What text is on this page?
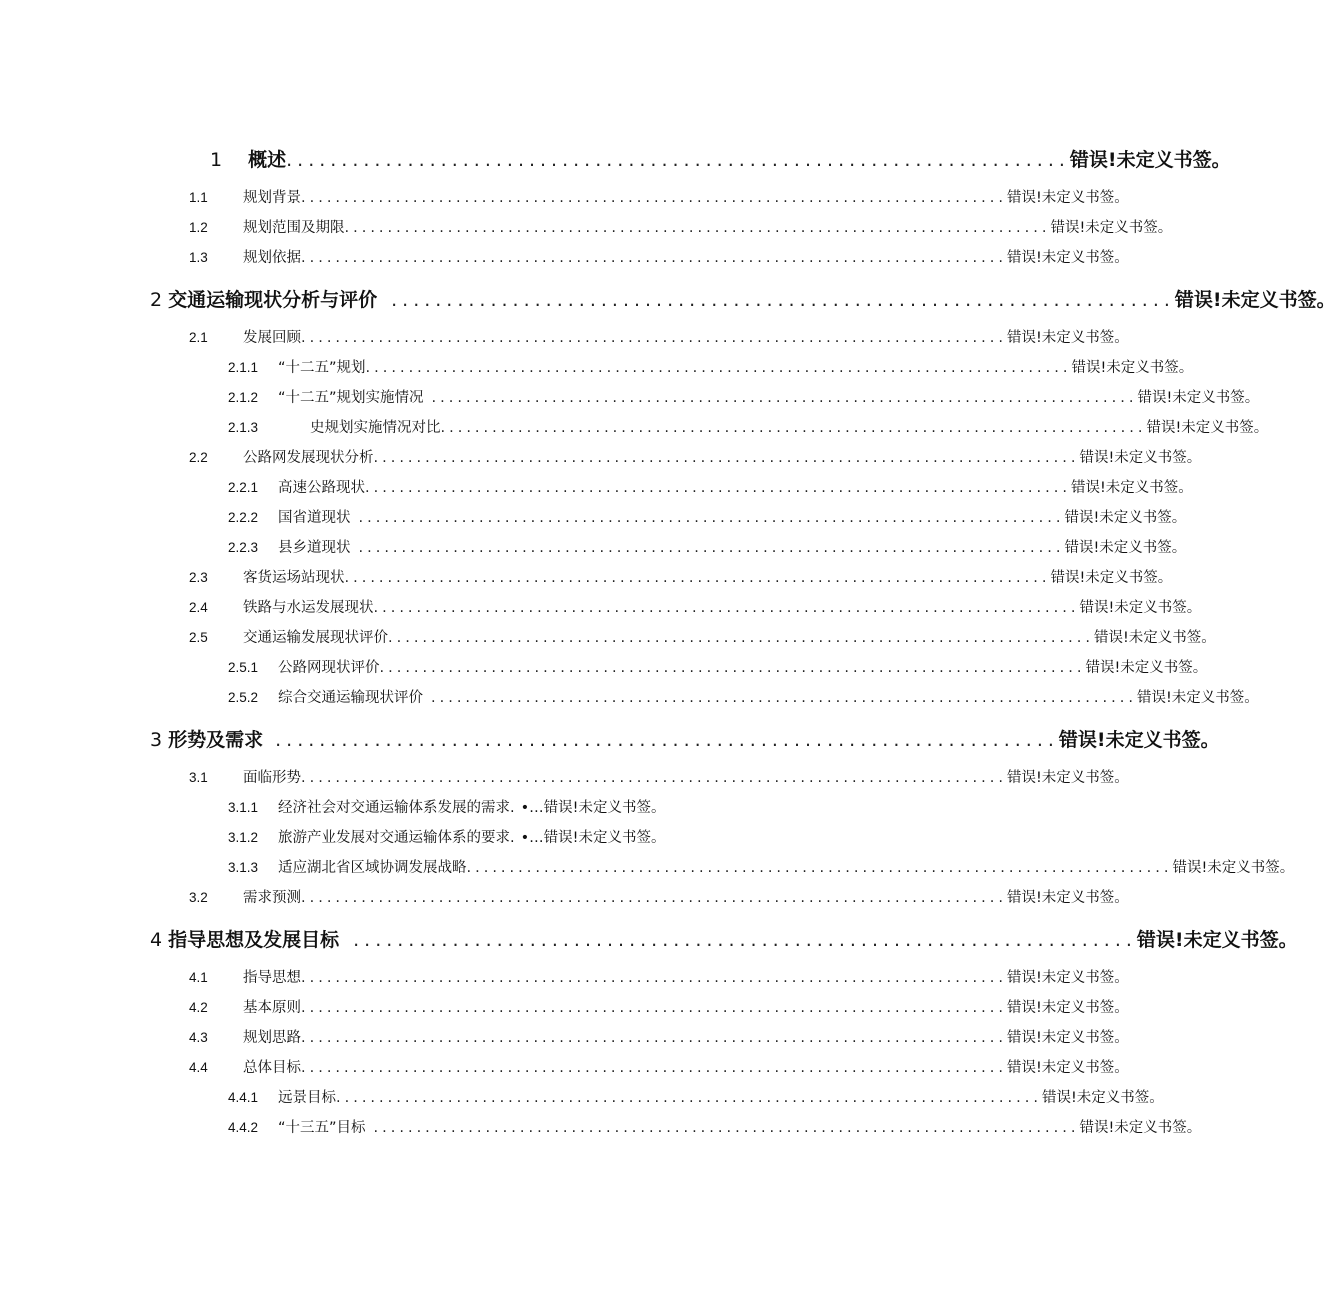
1 概述 ....................................................................... 错误!未定义书签。
1.1	规划背景 .................................................................................. 错误!未定义书签。
1.2	规划范围及期限 .................................................................................. 错误!未定义书签。
1.3	规划依据 .................................................................................. 错误!未定义书签。
2 交通运输现状分析与评价 ....................................................................... 错误!未定义书签。
2.1	发展回顾 .................................................................................. 错误!未定义书签。
2.1.1	“十二五”规划 .................................................................................. 错误!未定义书签。
2.1.2	“十二五”规划实施情况 .................................................................................. 错误!未定义书签。
2.1.3	史规划实施情况对比 .................................................................................. 错误!未定义书签。
2.2	公路网发展现状分析 .................................................................................. 错误!未定义书签。
2.2.1	高速公路现状 .................................................................................. 错误!未定义书签。
2.2.2	国省道现状 .................................................................................. 错误!未定义书签。
2.2.3	县乡道现状 .................................................................................. 错误!未定义书签。
2.3	客货运场站现状 .................................................................................. 错误!未定义书签。
2.4	铁路与水运发展现状 .................................................................................. 错误!未定义书签。
2.5	交通运输发展现状评价 .................................................................................. 错误!未定义书签。
2.5.1	公路网现状评价 .................................................................................. 错误!未定义书签。
2.5.2	综合交通运输现状评价 .................................................................................. 错误!未定义书签。
3 形势及需求 ....................................................................... 错误!未定义书签。
3.1	面临形势 .................................................................................. 错误!未定义书签。
3.1.1	经济社会对交通运输体系发展的需求. •…错误!未定义书签。
3.1.2	旅游产业发展对交通运输体系的要求. •…错误!未定义书签。
3.1.3	适应湖北省区域协调发展战略 .................................................................................. 错误!未定义书签。
3.2	需求预测 .................................................................................. 错误!未定义书签。
4 指导思想及发展目标 ....................................................................... 错误!未定义书签。
4.1	指导思想 .................................................................................. 错误!未定义书签。
4.2	基本原则 .................................................................................. 错误!未定义书签。
4.3	规划思路 .................................................................................. 错误!未定义书签。
4.4	总体目标 .................................................................................. 错误!未定义书签。
4.4.1	远景目标 .................................................................................. 错误!未定义书签。
4.4.2	“十三五”目标 .................................................................................. 错误!未定义书签。
